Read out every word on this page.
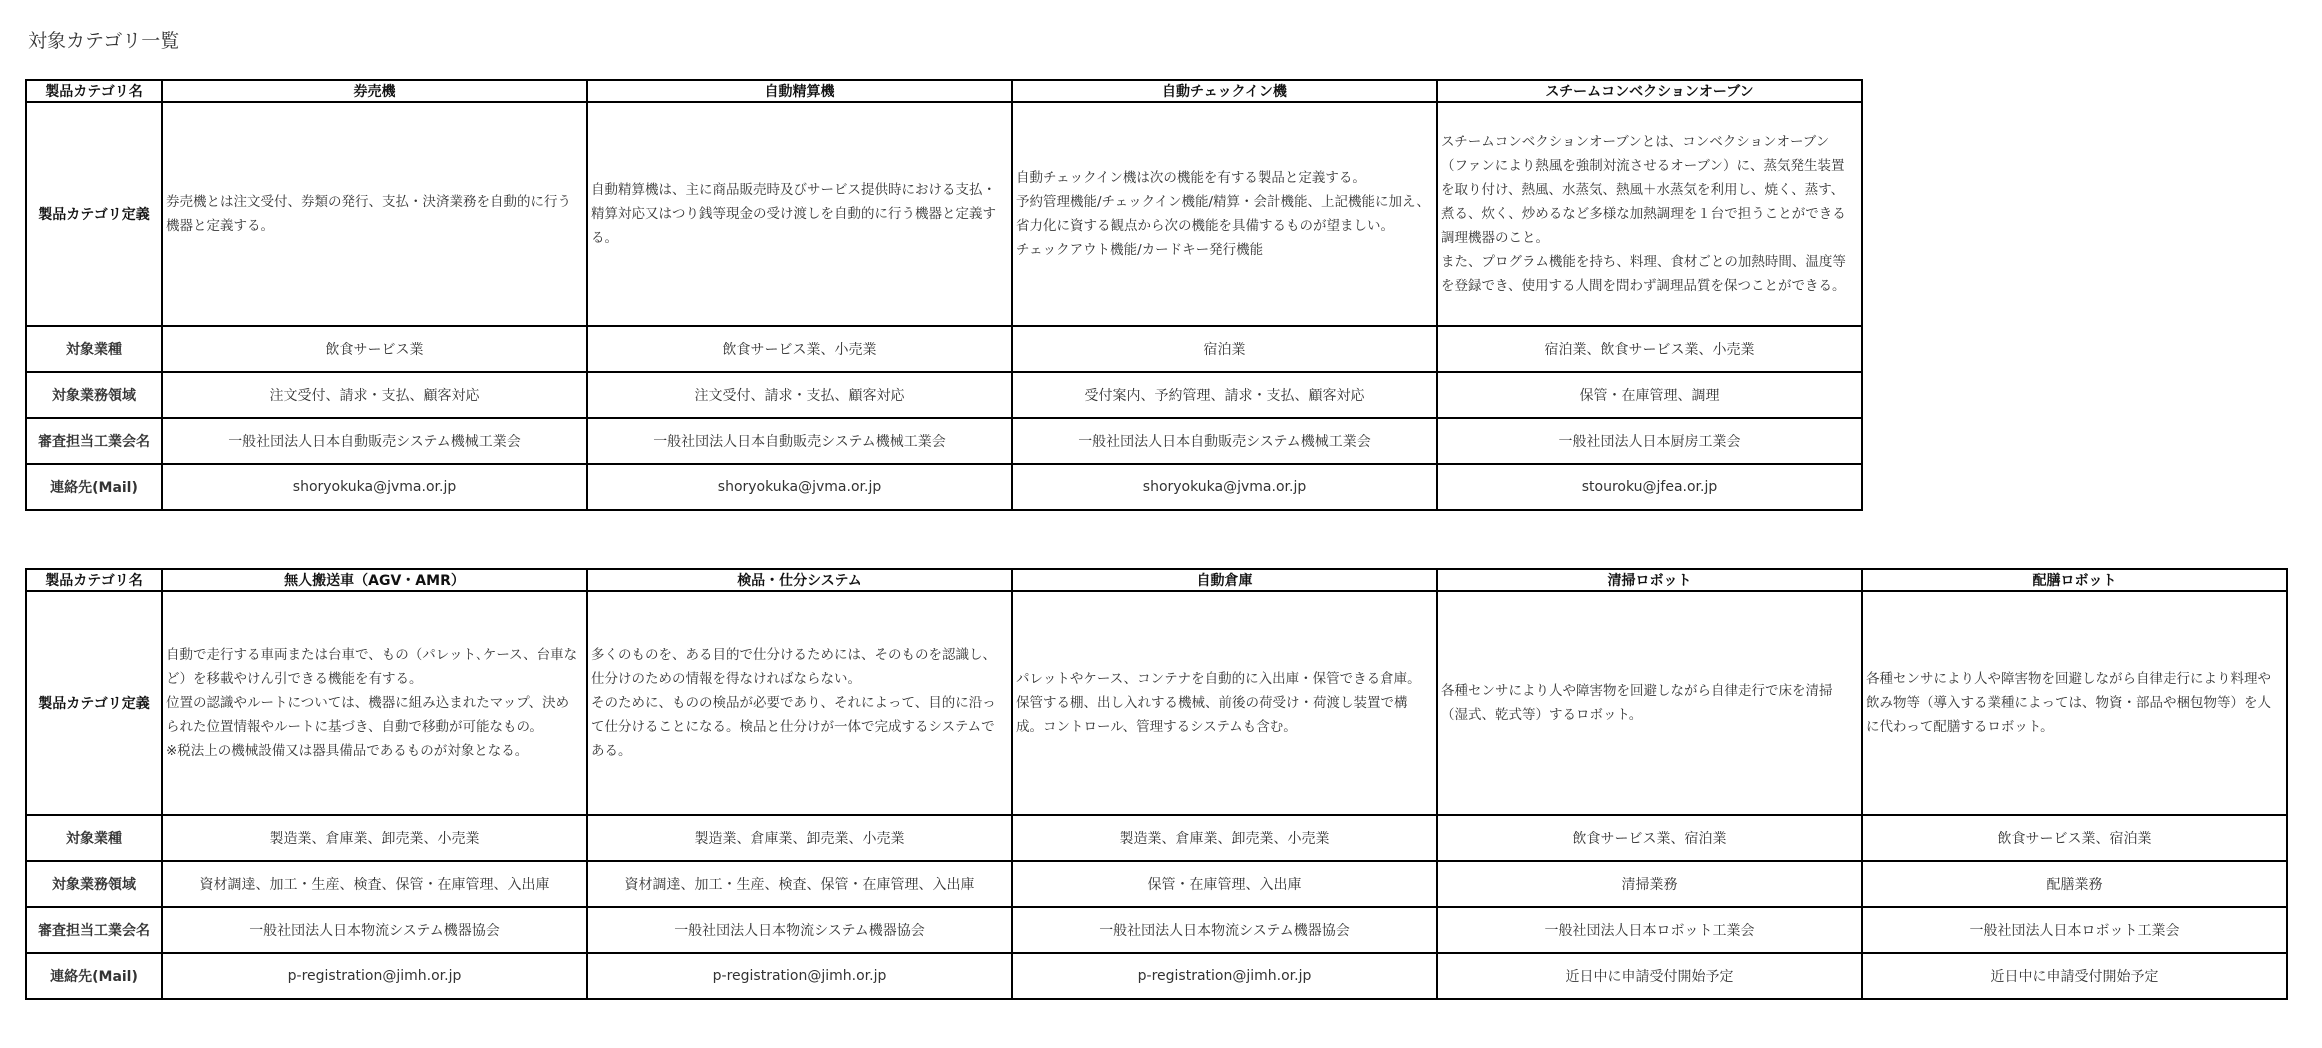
対象カテゴリ一覧
製品カテゴリ名	券売機	自動精算機	自動チェックイン機	スチームコンベクションオーブン
製品カテゴリ定義	券売機とは注文受付、券類の発行、支払・決済業務を自動的に行う機器と定義する。	自動精算機は、主に商品販売時及びサービス提供時における支払・精算対応又はつり銭等現金の受け渡しを自動的に行う機器と定義する。	自動チェックイン機は次の機能を有する製品と定義する。
予約管理機能/チェックイン機能/精算・会計機能、上記機能に加え、省力化に資する観点から次の機能を具備するものが望ましい。
チェックアウト機能/カードキー発行機能	スチームコンベクションオーブンとは、コンベクションオーブン（ファンにより熱風を強制対流させるオーブン）に、蒸気発生装置を取り付け、熱風、水蒸気、熱風＋水蒸気を利用し、焼く、蒸す、煮る、炊く、炒めるなど多様な加熱調理を１台で担うことができる調理機器のこと。
また、プログラム機能を持ち、料理、食材ごとの加熱時間、温度等を登録でき、使用する人間を問わず調理品質を保つことができる。
対象業種	飲食サービス業	飲食サービス業、小売業	宿泊業	宿泊業、飲食サービス業、小売業
対象業務領域	注文受付、請求・支払、顧客対応	注文受付、請求・支払、顧客対応	受付案内、予約管理、請求・支払、顧客対応	保管・在庫管理、調理
審査担当工業会名	一般社団法人日本自動販売システム機械工業会	一般社団法人日本自動販売システム機械工業会	一般社団法人日本自動販売システム機械工業会	一般社団法人日本厨房工業会
連絡先(Mail)	shoryokuka@jvma.or.jp	shoryokuka@jvma.or.jp	shoryokuka@jvma.or.jp	stouroku@jfea.or.jp
製品カテゴリ名	無人搬送車（AGV・AMR）	検品・仕分システム	自動倉庫	清掃ロボット	配膳ロボット
製品カテゴリ定義	自動で走行する車両または台車で、もの（パレット､ケース、台車など）を移載やけん引できる機能を有する。
位置の認識やルートについては、機器に組み込まれたマップ、決められた位置情報やルートに基づき、自動で移動が可能なもの。
※税法上の機械設備又は器具備品であるものが対象となる。	多くのものを、ある目的で仕分けるためには、そのものを認識し、仕分けのための情報を得なければならない。
そのために、ものの検品が必要であり、それによって、目的に沿って仕分けることになる。検品と仕分けが一体で完成するシステムである。	パレットやケース、コンテナを自動的に入出庫・保管できる倉庫。
保管する棚、出し入れする機械、前後の荷受け・荷渡し装置で構成。コントロール、管理するシステムも含む。	各種センサにより人や障害物を回避しながら自律走行で床を清掃（湿式、乾式等）するロボット。	各種センサにより人や障害物を回避しながら自律走行により料理や飲み物等（導入する業種によっては、物資・部品や梱包物等）を人に代わって配膳するロボット。
対象業種	製造業、倉庫業、卸売業、小売業	製造業、倉庫業、卸売業、小売業	製造業、倉庫業、卸売業、小売業	飲食サービス業、宿泊業	飲食サービス業、宿泊業
対象業務領域	資材調達、加工・生産、検査、保管・在庫管理、入出庫	資材調達、加工・生産、検査、保管・在庫管理、入出庫	保管・在庫管理、入出庫	清掃業務	配膳業務
審査担当工業会名	一般社団法人日本物流システム機器協会	一般社団法人日本物流システム機器協会	一般社団法人日本物流システム機器協会	一般社団法人日本ロボット工業会	一般社団法人日本ロボット工業会
連絡先(Mail)	p-registration@jimh.or.jp	p-registration@jimh.or.jp	p-registration@jimh.or.jp	近日中に申請受付開始予定	近日中に申請受付開始予定
